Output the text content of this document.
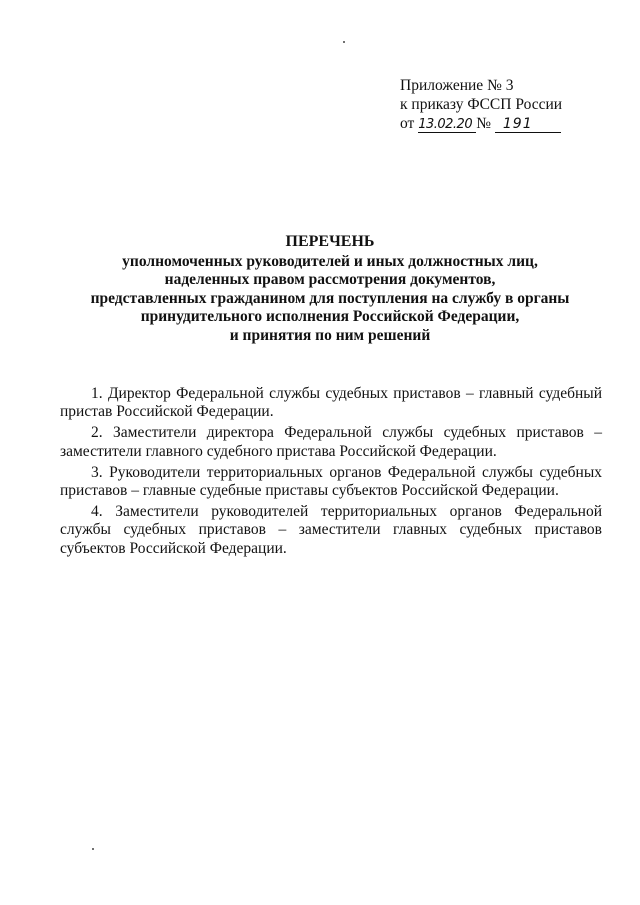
Приложение № 3
к приказу ФССП России
от 13.02.20 № 191
ПЕРЕЧЕНЬ
уполномоченных руководителей и иных должностных лиц,
наделенных правом рассмотрения документов,
представленных гражданином для поступления на службу в органы
принудительного исполнения Российской Федерации,
и принятия по ним решений

1. Директор Федеральной службы судебных приставов – главный судебный пристав Российской Федерации.

2. Заместители директора Федеральной службы судебных приставов – заместители главного судебного пристава Российской Федерации.

3. Руководители территориальных органов Федеральной службы судебных приставов – главные судебные приставы субъектов Российской Федерации.

4. Заместители руководителей территориальных органов Федеральной службы судебных приставов – заместители главных судебных приставов субъектов Российской Федерации.
